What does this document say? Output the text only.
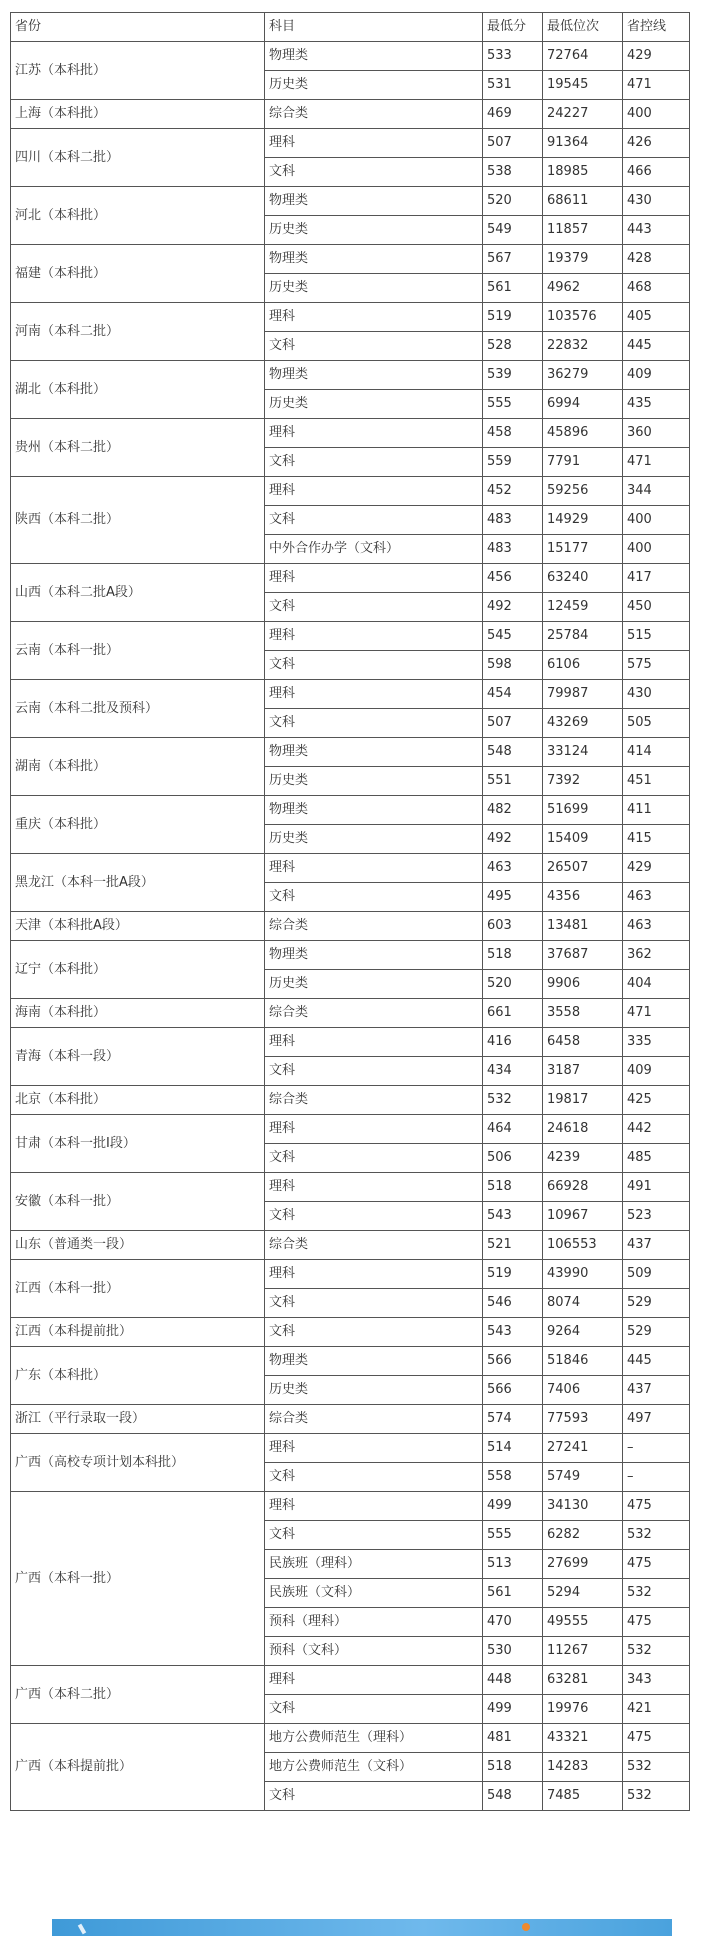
省份	科目	最低分	最低位次	省控线
江苏（本科批）	物理类	533	72764	429
	历史类	531	19545	471
上海（本科批）	综合类	469	24227	400
四川（本科二批）	理科	507	91364	426
	文科	538	18985	466
河北（本科批）	物理类	520	68611	430
	历史类	549	11857	443
福建（本科批）	物理类	567	19379	428
	历史类	561	4962	468
河南（本科二批）	理科	519	103576	405
	文科	528	22832	445
湖北（本科批）	物理类	539	36279	409
	历史类	555	6994	435
贵州（本科二批）	理科	458	45896	360
	文科	559	7791	471
陕西（本科二批）	理科	452	59256	344
	文科	483	14929	400
	中外合作办学（文科）	483	15177	400
山西（本科二批A段）	理科	456	63240	417
	文科	492	12459	450
云南（本科一批）	理科	545	25784	515
	文科	598	6106	575
云南（本科二批及预科）	理科	454	79987	430
	文科	507	43269	505
湖南（本科批）	物理类	548	33124	414
	历史类	551	7392	451
重庆（本科批）	物理类	482	51699	411
	历史类	492	15409	415
黑龙江（本科一批A段）	理科	463	26507	429
	文科	495	4356	463
天津（本科批A段）	综合类	603	13481	463
辽宁（本科批）	物理类	518	37687	362
	历史类	520	9906	404
海南（本科批）	综合类	661	3558	471
青海（本科一段）	理科	416	6458	335
	文科	434	3187	409
北京（本科批）	综合类	532	19817	425
甘肃（本科一批I段）	理科	464	24618	442
	文科	506	4239	485
安徽（本科一批）	理科	518	66928	491
	文科	543	10967	523
山东（普通类一段）	综合类	521	106553	437
江西（本科一批）	理科	519	43990	509
	文科	546	8074	529
江西（本科提前批）	文科	543	9264	529
广东（本科批）	物理类	566	51846	445
	历史类	566	7406	437
浙江（平行录取一段）	综合类	574	77593	497
广西（高校专项计划本科批）	理科	514	27241	–
	文科	558	5749	–
广西（本科一批）	理科	499	34130	475
	文科	555	6282	532
	民族班（理科）	513	27699	475
	民族班（文科）	561	5294	532
	预科（理科）	470	49555	475
	预科（文科）	530	11267	532
广西（本科二批）	理科	448	63281	343
	文科	499	19976	421
广西（本科提前批）	地方公费师范生（理科）	481	43321	475
	地方公费师范生（文科）	518	14283	532
	文科	548	7485	532
